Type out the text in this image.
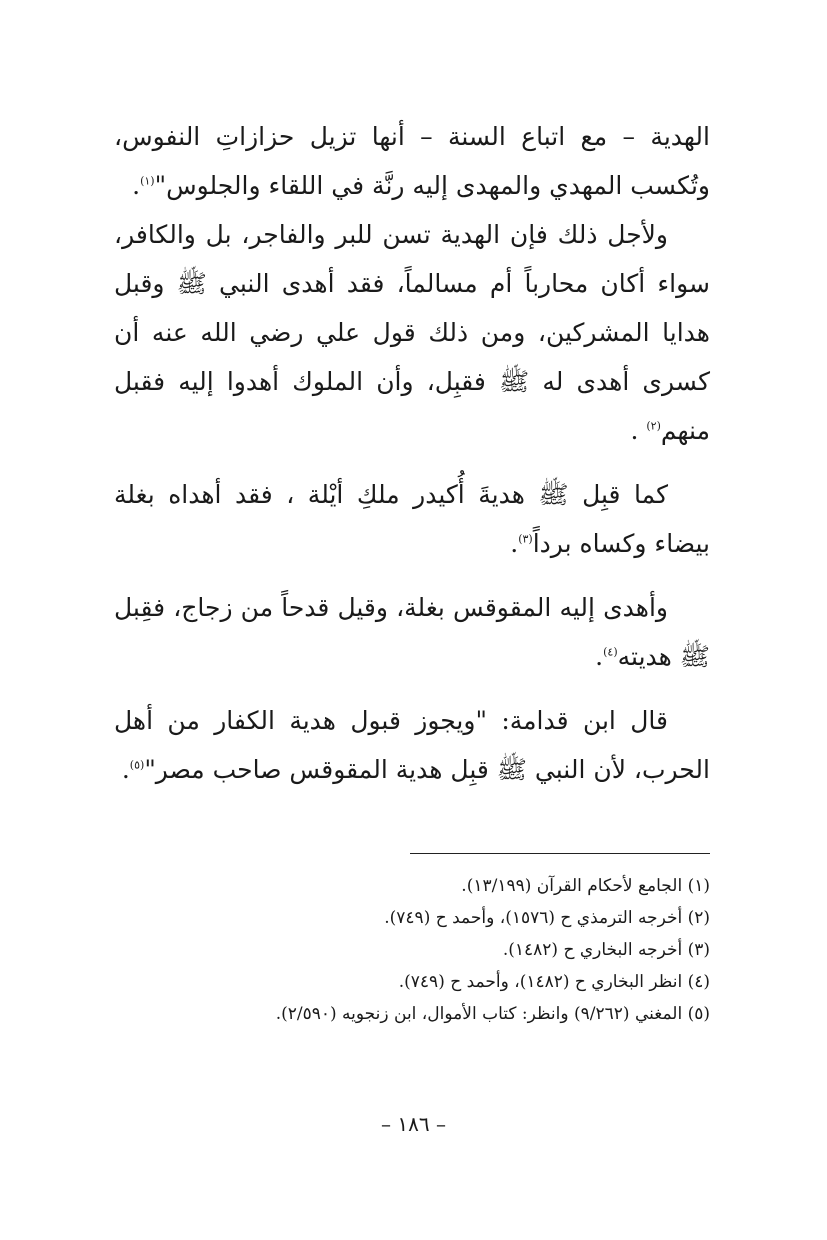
الهدية – مع اتباع السنة – أنها تزيل حزازاتِ النفوس، وتُكسب المهدي والمهدى إليه رنَّة في اللقاء والجلوس"$^{(١)}$.

ولأجل ذلك فإن الهدية تسن للبر والفاجر، بل والكافر، سواء أكان محارباً أم مسالماً، فقد أهدى النبي ﷺ وقبل هدايا المشركين، ومن ذلك قول علي رضي الله عنه أن كسرى أهدى له ﷺ فقبِل، وأن الملوك أهدوا إليه فقبل منهم$^{(٢)}$ .

كما قبِل ﷺ هديةَ أُكيدر ملكِ أيْلة ، فقد أهداه بغلة بيضاء وكساه برداً$^{(٣)}$.

وأهدى إليه المقوقس بغلة، وقيل قدحاً من زجاج، فقِبل ﷺ هديته$^{(٤)}$.

قال ابن قدامة: "ويجوز قبول هدية الكفار من أهل الحرب، لأن النبي ﷺ قبِل هدية المقوقس صاحب مصر"$^{(٥)}$.

(١) الجامع لأحكام القرآن (١٣/١٩٩).

(٢) أخرجه الترمذي ح (١٥٧٦)، وأحمد ح (٧٤٩).

(٣) أخرجه البخاري ح (١٤٨٢).

(٤) انظر البخاري ح (١٤٨٢)، وأحمد ح (٧٤٩).

(٥) المغني (٩/٢٦٢) وانظر: كتاب الأموال، ابن زنجويه (٢/٥٩٠).

– ١٨٦ –
